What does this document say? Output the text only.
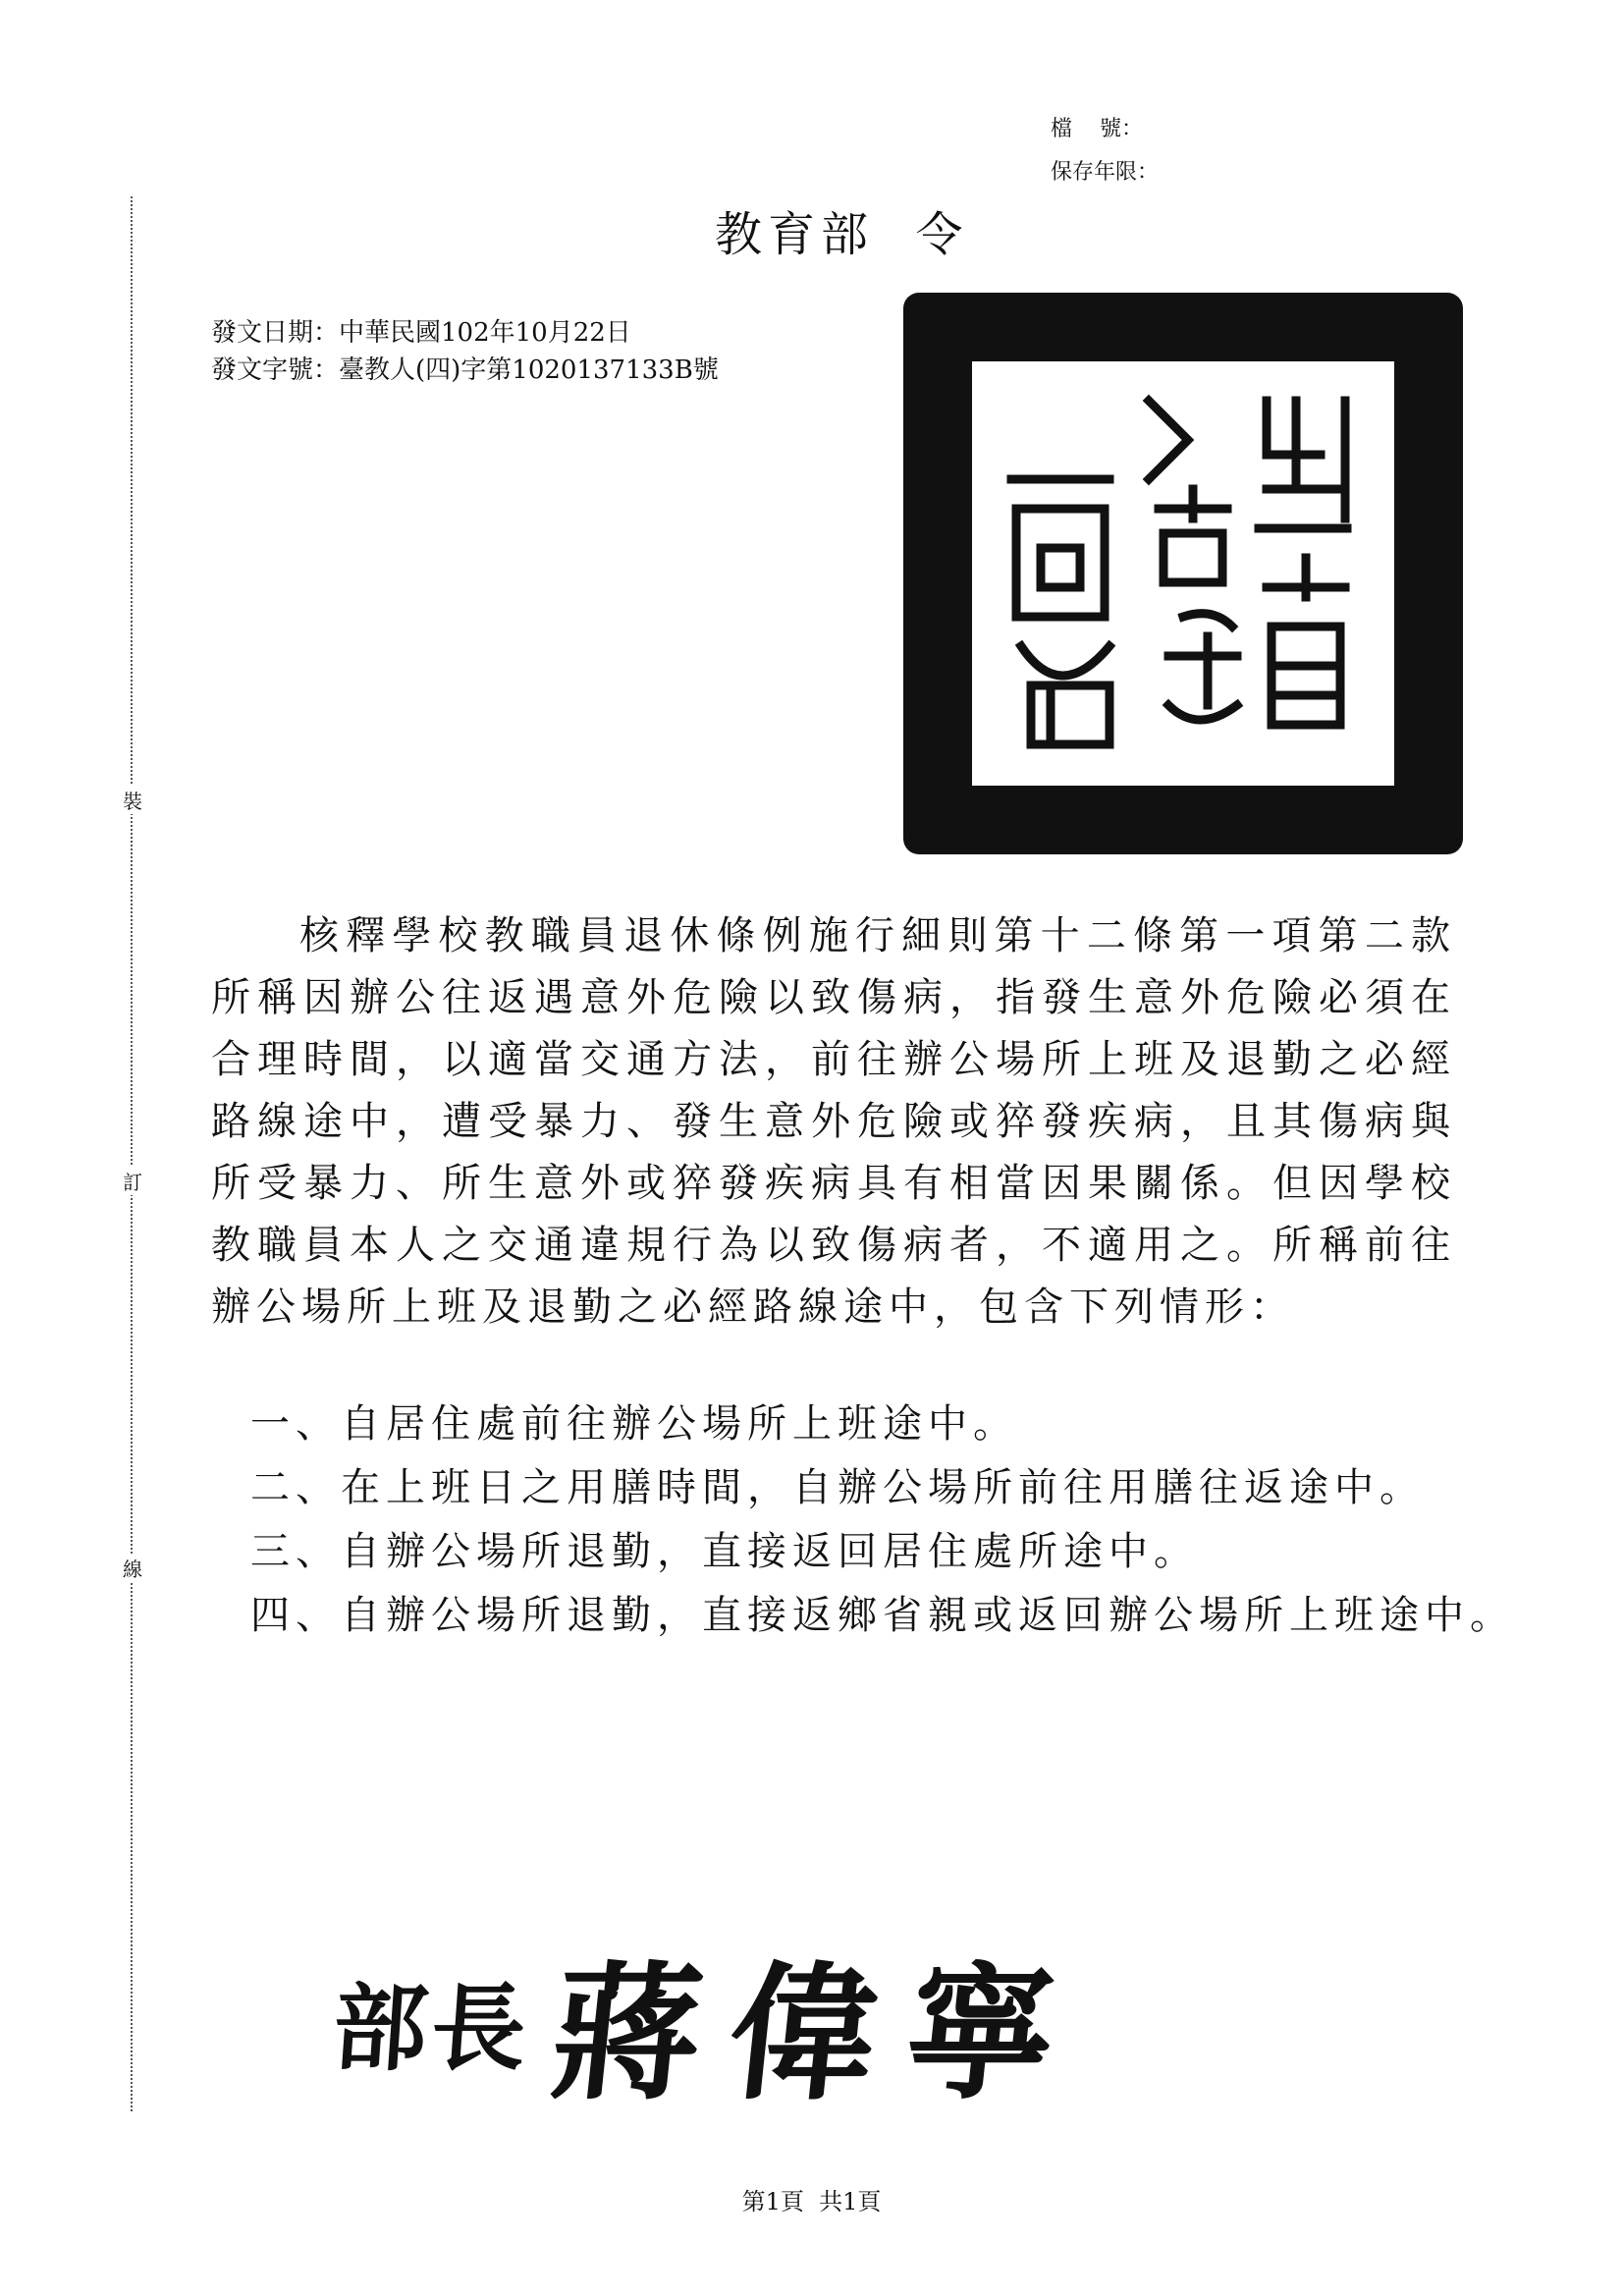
裝
訂
線
檔    號：
保存年限：
教育部  令
發文日期：中華民國102年10月22日
發文字號：臺教人(四)字第1020137133B號

核釋學校教職員退休條例施行細則第十二條第一項第二款所稱因辦公往返遇意外危險以致傷病，指發生意外危險必須在合理時間，以適當交通方法，前往辦公場所上班及退勤之必經路線途中，遭受暴力、發生意外危險或猝發疾病，且其傷病與所受暴力、所生意外或猝發疾病具有相當因果關係。但因學校教職員本人之交通違規行為以致傷病者，不適用之。所稱前往辦公場所上班及退勤之必經路線途中，包含下列情形：

一、自居住處前往辦公場所上班途中。
二、在上班日之用膳時間，自辦公場所前往用膳往返途中。
三、自辦公場所退勤，直接返回居住處所途中。
四、自辦公場所退勤，直接返鄉省親或返回辦公場所上班途中。
部長 蔣偉寧
第1頁  共1頁
